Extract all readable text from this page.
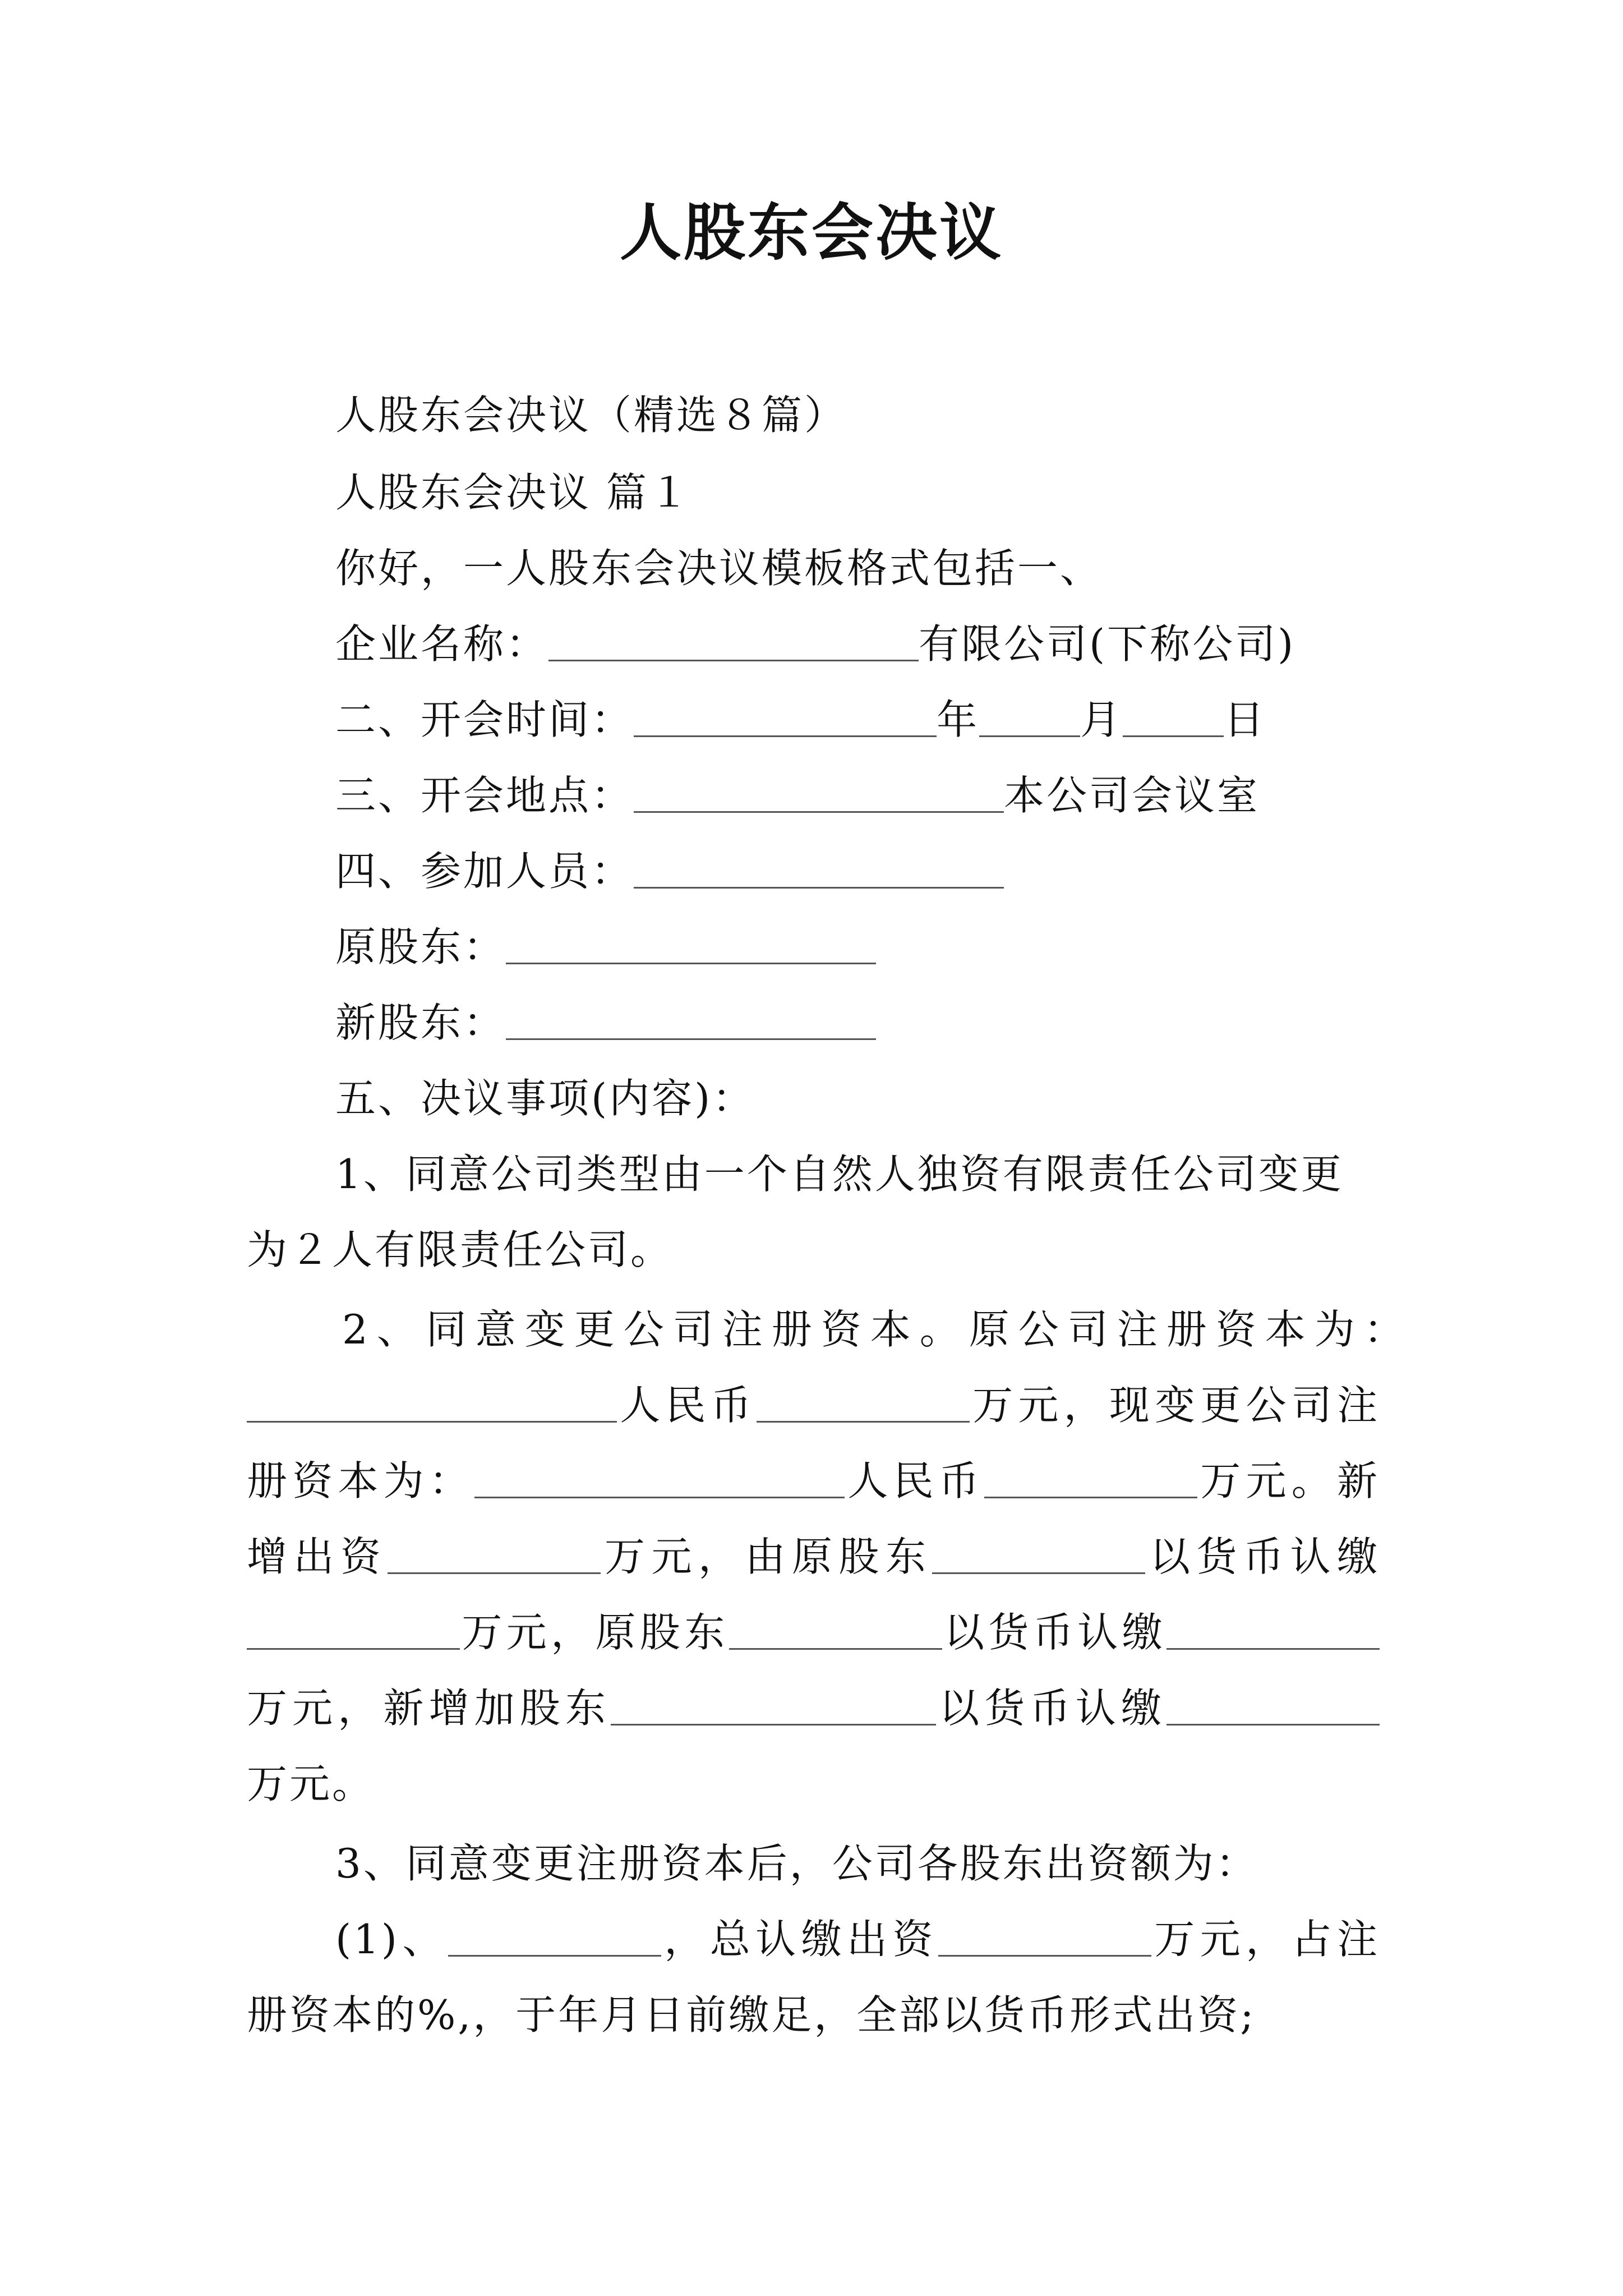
人股东会决议
人股东会决议（精选８篇）
人股东会决议 篇１
你好，一人股东会决议模板格式包括一、
企业名称：	有限公司(下称公司)
二、开会时间：	年	月	日
三、开会地点：	本公司会议室
四、参加人员：
原股东：
新股东：
五、决议事项(内容)：
1、同意公司类型由一个自然人独资有限责任公司变更
为２人有限责任公司。
2、同意变更公司注册资本。原公司注册资本为：
人民币	万元，现变更公司注
册资本为：	人民币	万元。新
增出资	万元，由原股东	以货币认缴
万元，原股东	以货币认缴
万元，新增加股东	以货币认缴
万元。
3、同意变更注册资本后，公司各股东出资额为：
(1)、	，总认缴出资	万元，占注
册资本的%,，于年月日前缴足，全部以货币形式出资;
